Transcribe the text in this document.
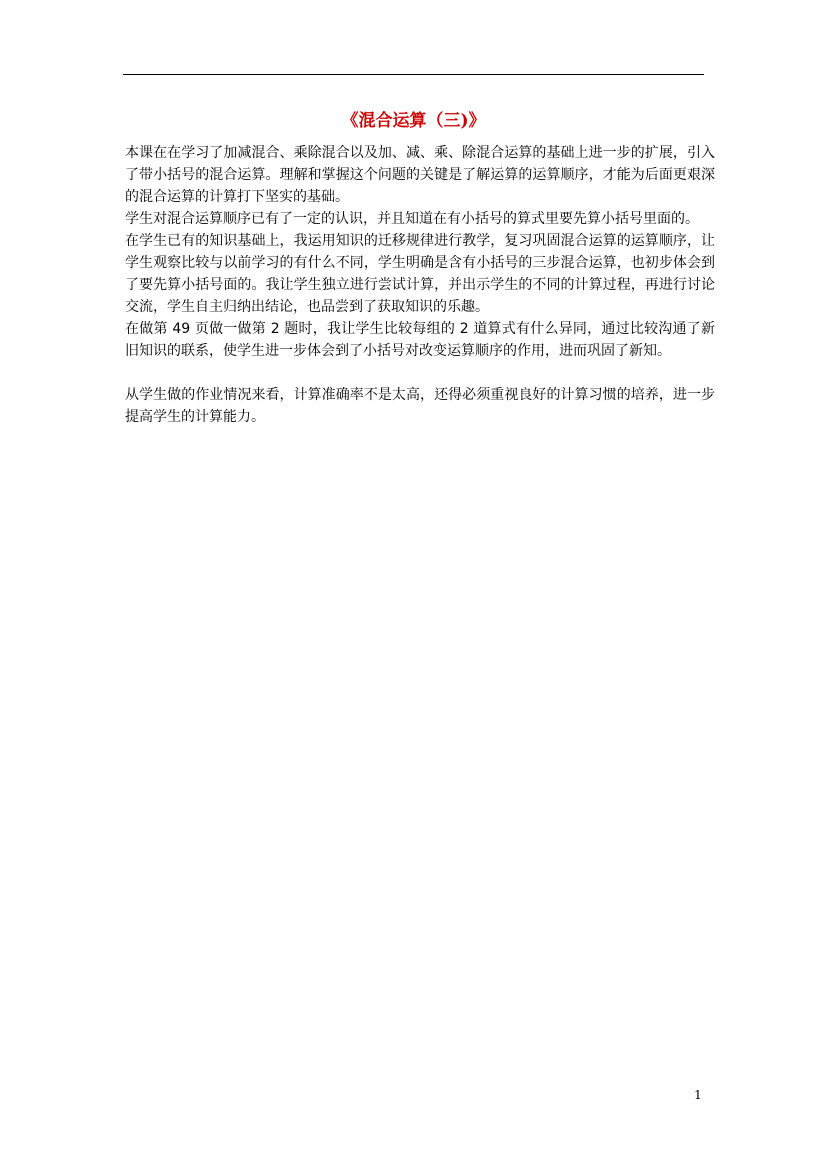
《混合运算（三)》

本课在在学习了加减混合、乘除混合以及加、减、乘、除混合运算的基础上进一步的扩展，引入了带小括号的混合运算。理解和掌握这个问题的关键是了解运算的运算顺序，才能为后面更艰深的混合运算的计算打下坚实的基础。

学生对混合运算顺序已有了一定的认识，并且知道在有小括号的算式里要先算小括号里面的。

在学生已有的知识基础上，我运用知识的迁移规律进行教学，复习巩固混合运算的运算顺序，让学生观察比较与以前学习的有什么不同，学生明确是含有小括号的三步混合运算，也初步体会到了要先算小括号面的。我让学生独立进行尝试计算，并出示学生的不同的计算过程，再进行讨论交流，学生自主归纳出结论，也品尝到了获取知识的乐趣。

在做第 49 页做一做第 2 题时，我让学生比较每组的 2 道算式有什么异同，通过比较沟通了新旧知识的联系，使学生进一步体会到了小括号对改变运算顺序的作用，进而巩固了新知。

从学生做的作业情况来看，计算准确率不是太高，还得必须重视良好的计算习惯的培养，进一步提高学生的计算能力。

1
